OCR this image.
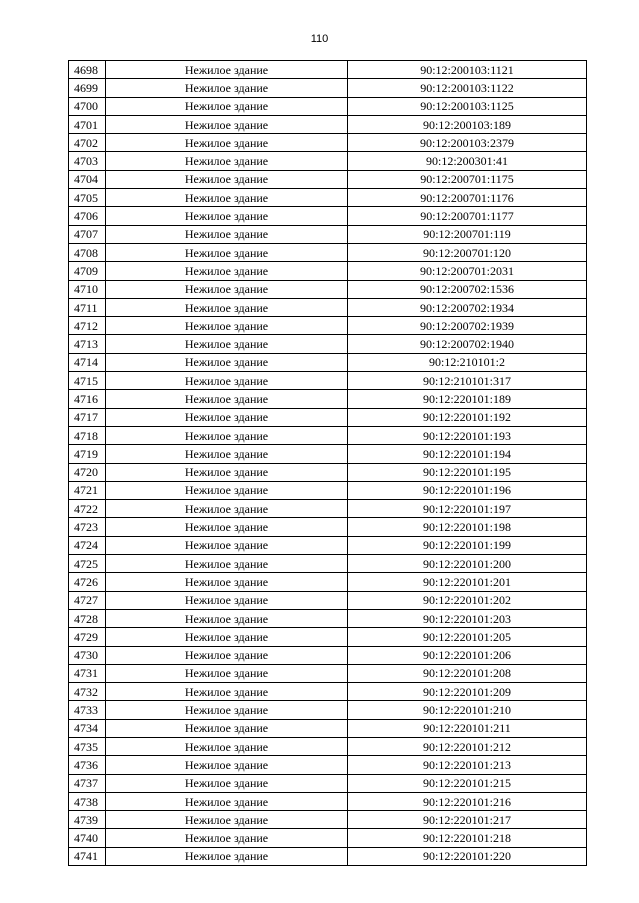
110
4698	Нежилое здание	90:12:200103:1121
4699	Нежилое здание	90:12:200103:1122
4700	Нежилое здание	90:12:200103:1125
4701	Нежилое здание	90:12:200103:189
4702	Нежилое здание	90:12:200103:2379
4703	Нежилое здание	90:12:200301:41
4704	Нежилое здание	90:12:200701:1175
4705	Нежилое здание	90:12:200701:1176
4706	Нежилое здание	90:12:200701:1177
4707	Нежилое здание	90:12:200701:119
4708	Нежилое здание	90:12:200701:120
4709	Нежилое здание	90:12:200701:2031
4710	Нежилое здание	90:12:200702:1536
4711	Нежилое здание	90:12:200702:1934
4712	Нежилое здание	90:12:200702:1939
4713	Нежилое здание	90:12:200702:1940
4714	Нежилое здание	90:12:210101:2
4715	Нежилое здание	90:12:210101:317
4716	Нежилое здание	90:12:220101:189
4717	Нежилое здание	90:12:220101:192
4718	Нежилое здание	90:12:220101:193
4719	Нежилое здание	90:12:220101:194
4720	Нежилое здание	90:12:220101:195
4721	Нежилое здание	90:12:220101:196
4722	Нежилое здание	90:12:220101:197
4723	Нежилое здание	90:12:220101:198
4724	Нежилое здание	90:12:220101:199
4725	Нежилое здание	90:12:220101:200
4726	Нежилое здание	90:12:220101:201
4727	Нежилое здание	90:12:220101:202
4728	Нежилое здание	90:12:220101:203
4729	Нежилое здание	90:12:220101:205
4730	Нежилое здание	90:12:220101:206
4731	Нежилое здание	90:12:220101:208
4732	Нежилое здание	90:12:220101:209
4733	Нежилое здание	90:12:220101:210
4734	Нежилое здание	90:12:220101:211
4735	Нежилое здание	90:12:220101:212
4736	Нежилое здание	90:12:220101:213
4737	Нежилое здание	90:12:220101:215
4738	Нежилое здание	90:12:220101:216
4739	Нежилое здание	90:12:220101:217
4740	Нежилое здание	90:12:220101:218
4741	Нежилое здание	90:12:220101:220
